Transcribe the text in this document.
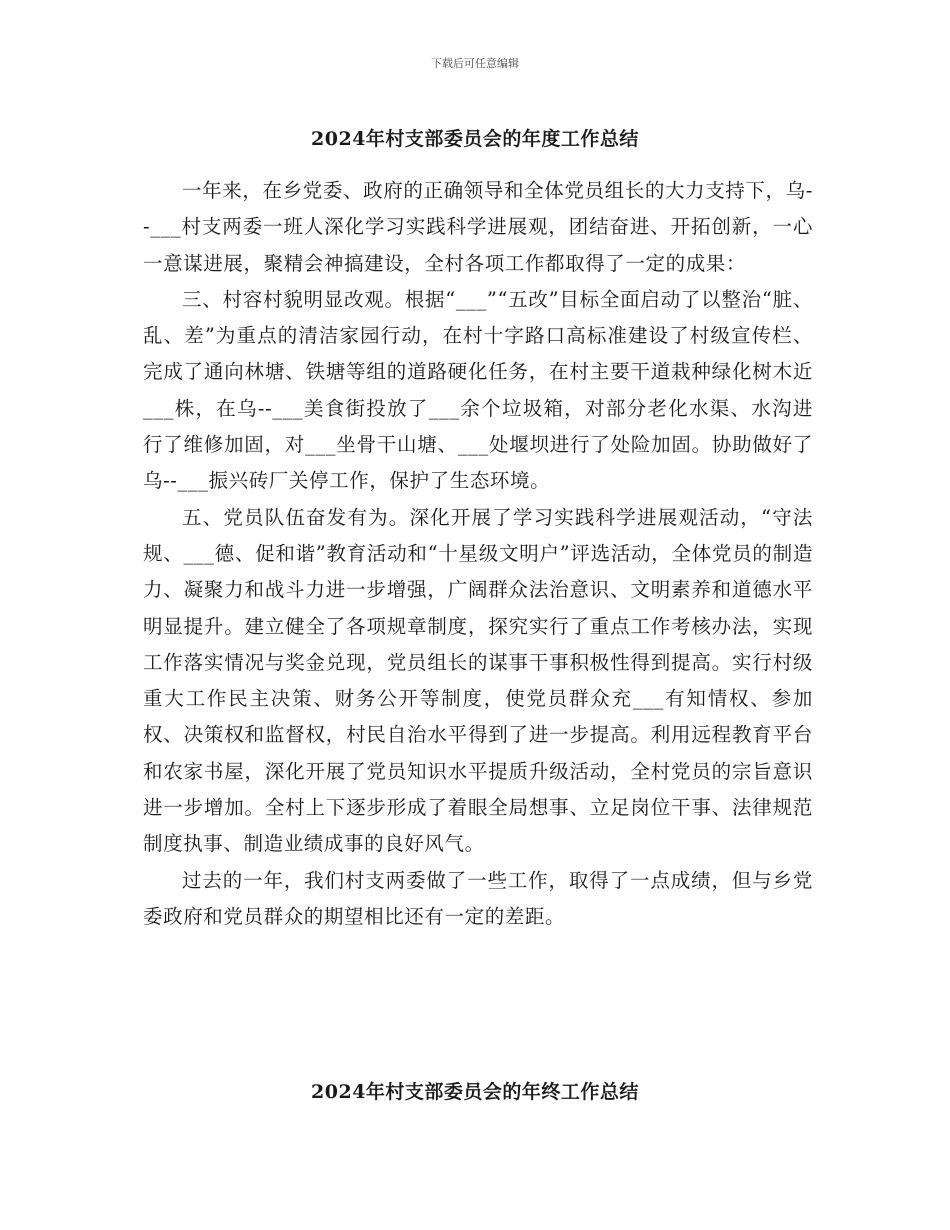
下载后可任意编辑
2024年村支部委员会的年度工作总结

一年来，在乡党委、政府的正确领导和全体党员组长的大力支持下，乌--___村支两委一班人深化学习实践科学进展观，团结奋进、开拓创新，一心一意谋进展，聚精会神搞建设，全村各项工作都取得了一定的成果：

三、村容村貌明显改观。根据“___”“五改”目标全面启动了以整治“脏、乱、差”为重点的清洁家园行动，在村十字路口高标准建设了村级宣传栏、完成了通向林塘、铁塘等组的道路硬化任务，在村主要干道栽种绿化树木近___株，在乌--___美食街投放了___余个垃圾箱，对部分老化水渠、水沟进行了维修加固，对___坐骨干山塘、___处堰坝进行了处险加固。协助做好了乌--___振兴砖厂关停工作，保护了生态环境。

五、党员队伍奋发有为。深化开展了学习实践科学进展观活动，“守法规、___德、促和谐”教育活动和“十星级文明户”评选活动，全体党员的制造力、凝聚力和战斗力进一步增强，广阔群众法治意识、文明素养和道德水平明显提升。建立健全了各项规章制度，探究实行了重点工作考核办法，实现工作落实情况与奖金兑现，党员组长的谋事干事积极性得到提高。实行村级重大工作民主决策、财务公开等制度，使党员群众充___有知情权、参加权、决策权和监督权，村民自治水平得到了进一步提高。利用远程教育平台和农家书屋，深化开展了党员知识水平提质升级活动，全村党员的宗旨意识进一步增加。全村上下逐步形成了着眼全局想事、立足岗位干事、法律规范制度执事、制造业绩成事的良好风气。

过去的一年，我们村支两委做了一些工作，取得了一点成绩，但与乡党委政府和党员群众的期望相比还有一定的差距。

2024年村支部委员会的年终工作总结
